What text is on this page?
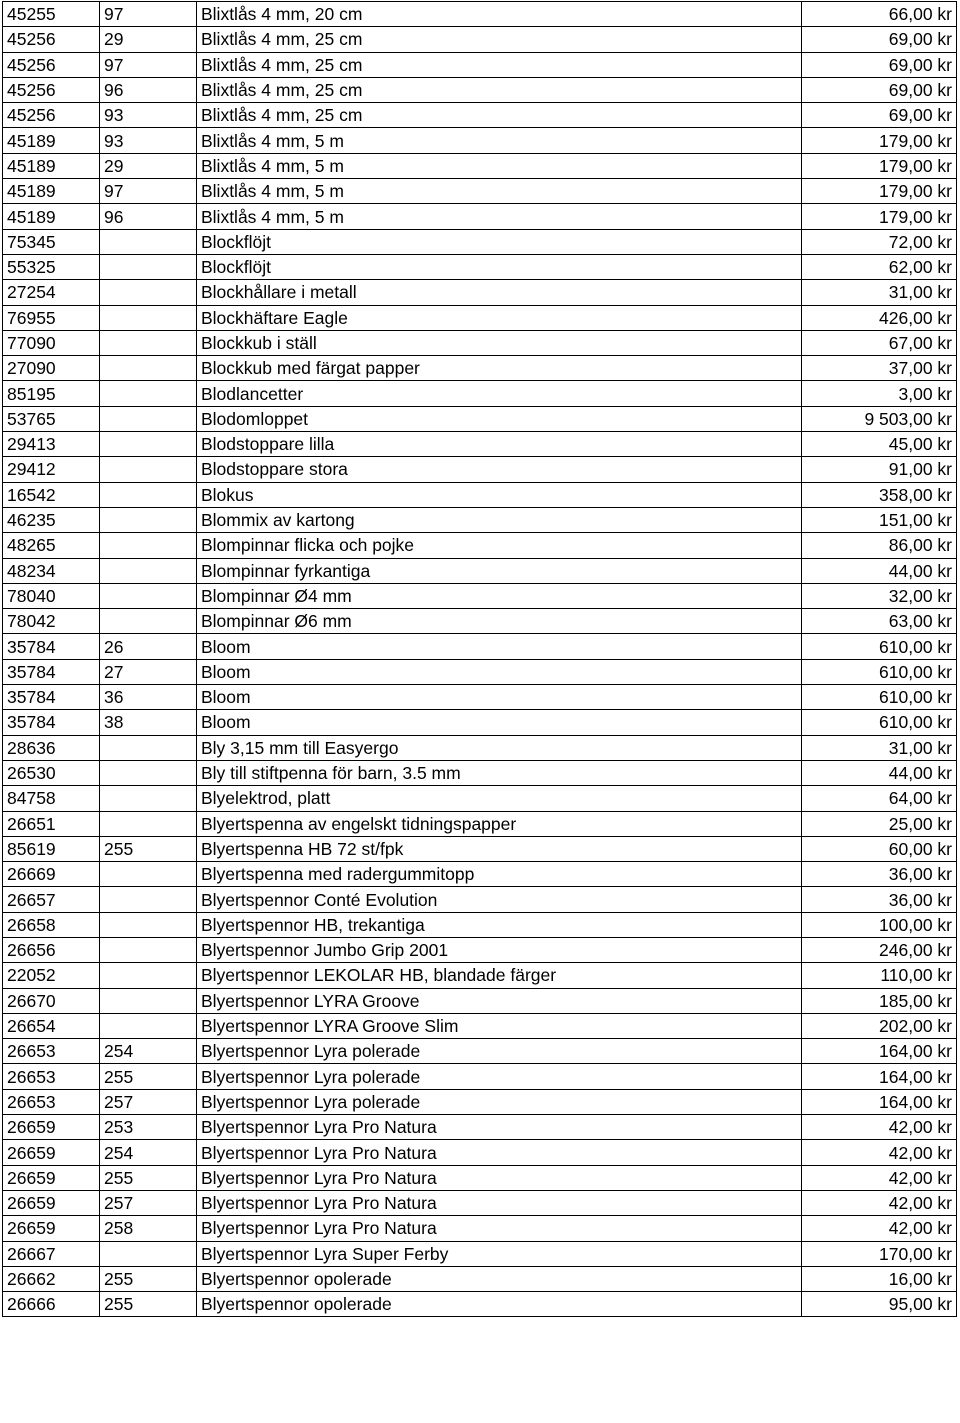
45255	97	Blixtlås 4 mm, 20 cm	66,00 kr
45256	29	Blixtlås 4 mm, 25 cm	69,00 kr
45256	97	Blixtlås 4 mm, 25 cm	69,00 kr
45256	96	Blixtlås 4 mm, 25 cm	69,00 kr
45256	93	Blixtlås 4 mm, 25 cm	69,00 kr
45189	93	Blixtlås 4 mm, 5 m	179,00 kr
45189	29	Blixtlås 4 mm, 5 m	179,00 kr
45189	97	Blixtlås 4 mm, 5 m	179,00 kr
45189	96	Blixtlås 4 mm, 5 m	179,00 kr
75345		Blockflöjt	72,00 kr
55325		Blockflöjt	62,00 kr
27254		Blockhållare i metall	31,00 kr
76955		Blockhäftare Eagle	426,00 kr
77090		Blockkub i ställ	67,00 kr
27090		Blockkub med färgat papper	37,00 kr
85195		Blodlancetter	3,00 kr
53765		Blodomloppet	9 503,00 kr
29413		Blodstoppare lilla	45,00 kr
29412		Blodstoppare stora	91,00 kr
16542		Blokus	358,00 kr
46235		Blommix av kartong	151,00 kr
48265		Blompinnar flicka och pojke	86,00 kr
48234		Blompinnar fyrkantiga	44,00 kr
78040		Blompinnar Ø4 mm	32,00 kr
78042		Blompinnar Ø6 mm	63,00 kr
35784	26	Bloom	610,00 kr
35784	27	Bloom	610,00 kr
35784	36	Bloom	610,00 kr
35784	38	Bloom	610,00 kr
28636		Bly 3,15 mm till Easyergo	31,00 kr
26530		Bly till stiftpenna för barn, 3.5 mm	44,00 kr
84758		Blyelektrod, platt	64,00 kr
26651		Blyertspenna av engelskt tidningspapper	25,00 kr
85619	255	Blyertspenna HB 72 st/fpk	60,00 kr
26669		Blyertspenna med radergummitopp	36,00 kr
26657		Blyertspennor Conté Evolution	36,00 kr
26658		Blyertspennor HB, trekantiga	100,00 kr
26656		Blyertspennor Jumbo Grip 2001	246,00 kr
22052		Blyertspennor LEKOLAR HB, blandade färger	110,00 kr
26670		Blyertspennor LYRA Groove	185,00 kr
26654		Blyertspennor LYRA Groove Slim	202,00 kr
26653	254	Blyertspennor Lyra polerade	164,00 kr
26653	255	Blyertspennor Lyra polerade	164,00 kr
26653	257	Blyertspennor Lyra polerade	164,00 kr
26659	253	Blyertspennor Lyra Pro Natura	42,00 kr
26659	254	Blyertspennor Lyra Pro Natura	42,00 kr
26659	255	Blyertspennor Lyra Pro Natura	42,00 kr
26659	257	Blyertspennor Lyra Pro Natura	42,00 kr
26659	258	Blyertspennor Lyra Pro Natura	42,00 kr
26667		Blyertspennor Lyra Super Ferby	170,00 kr
26662	255	Blyertspennor opolerade	16,00 kr
26666	255	Blyertspennor opolerade	95,00 kr
